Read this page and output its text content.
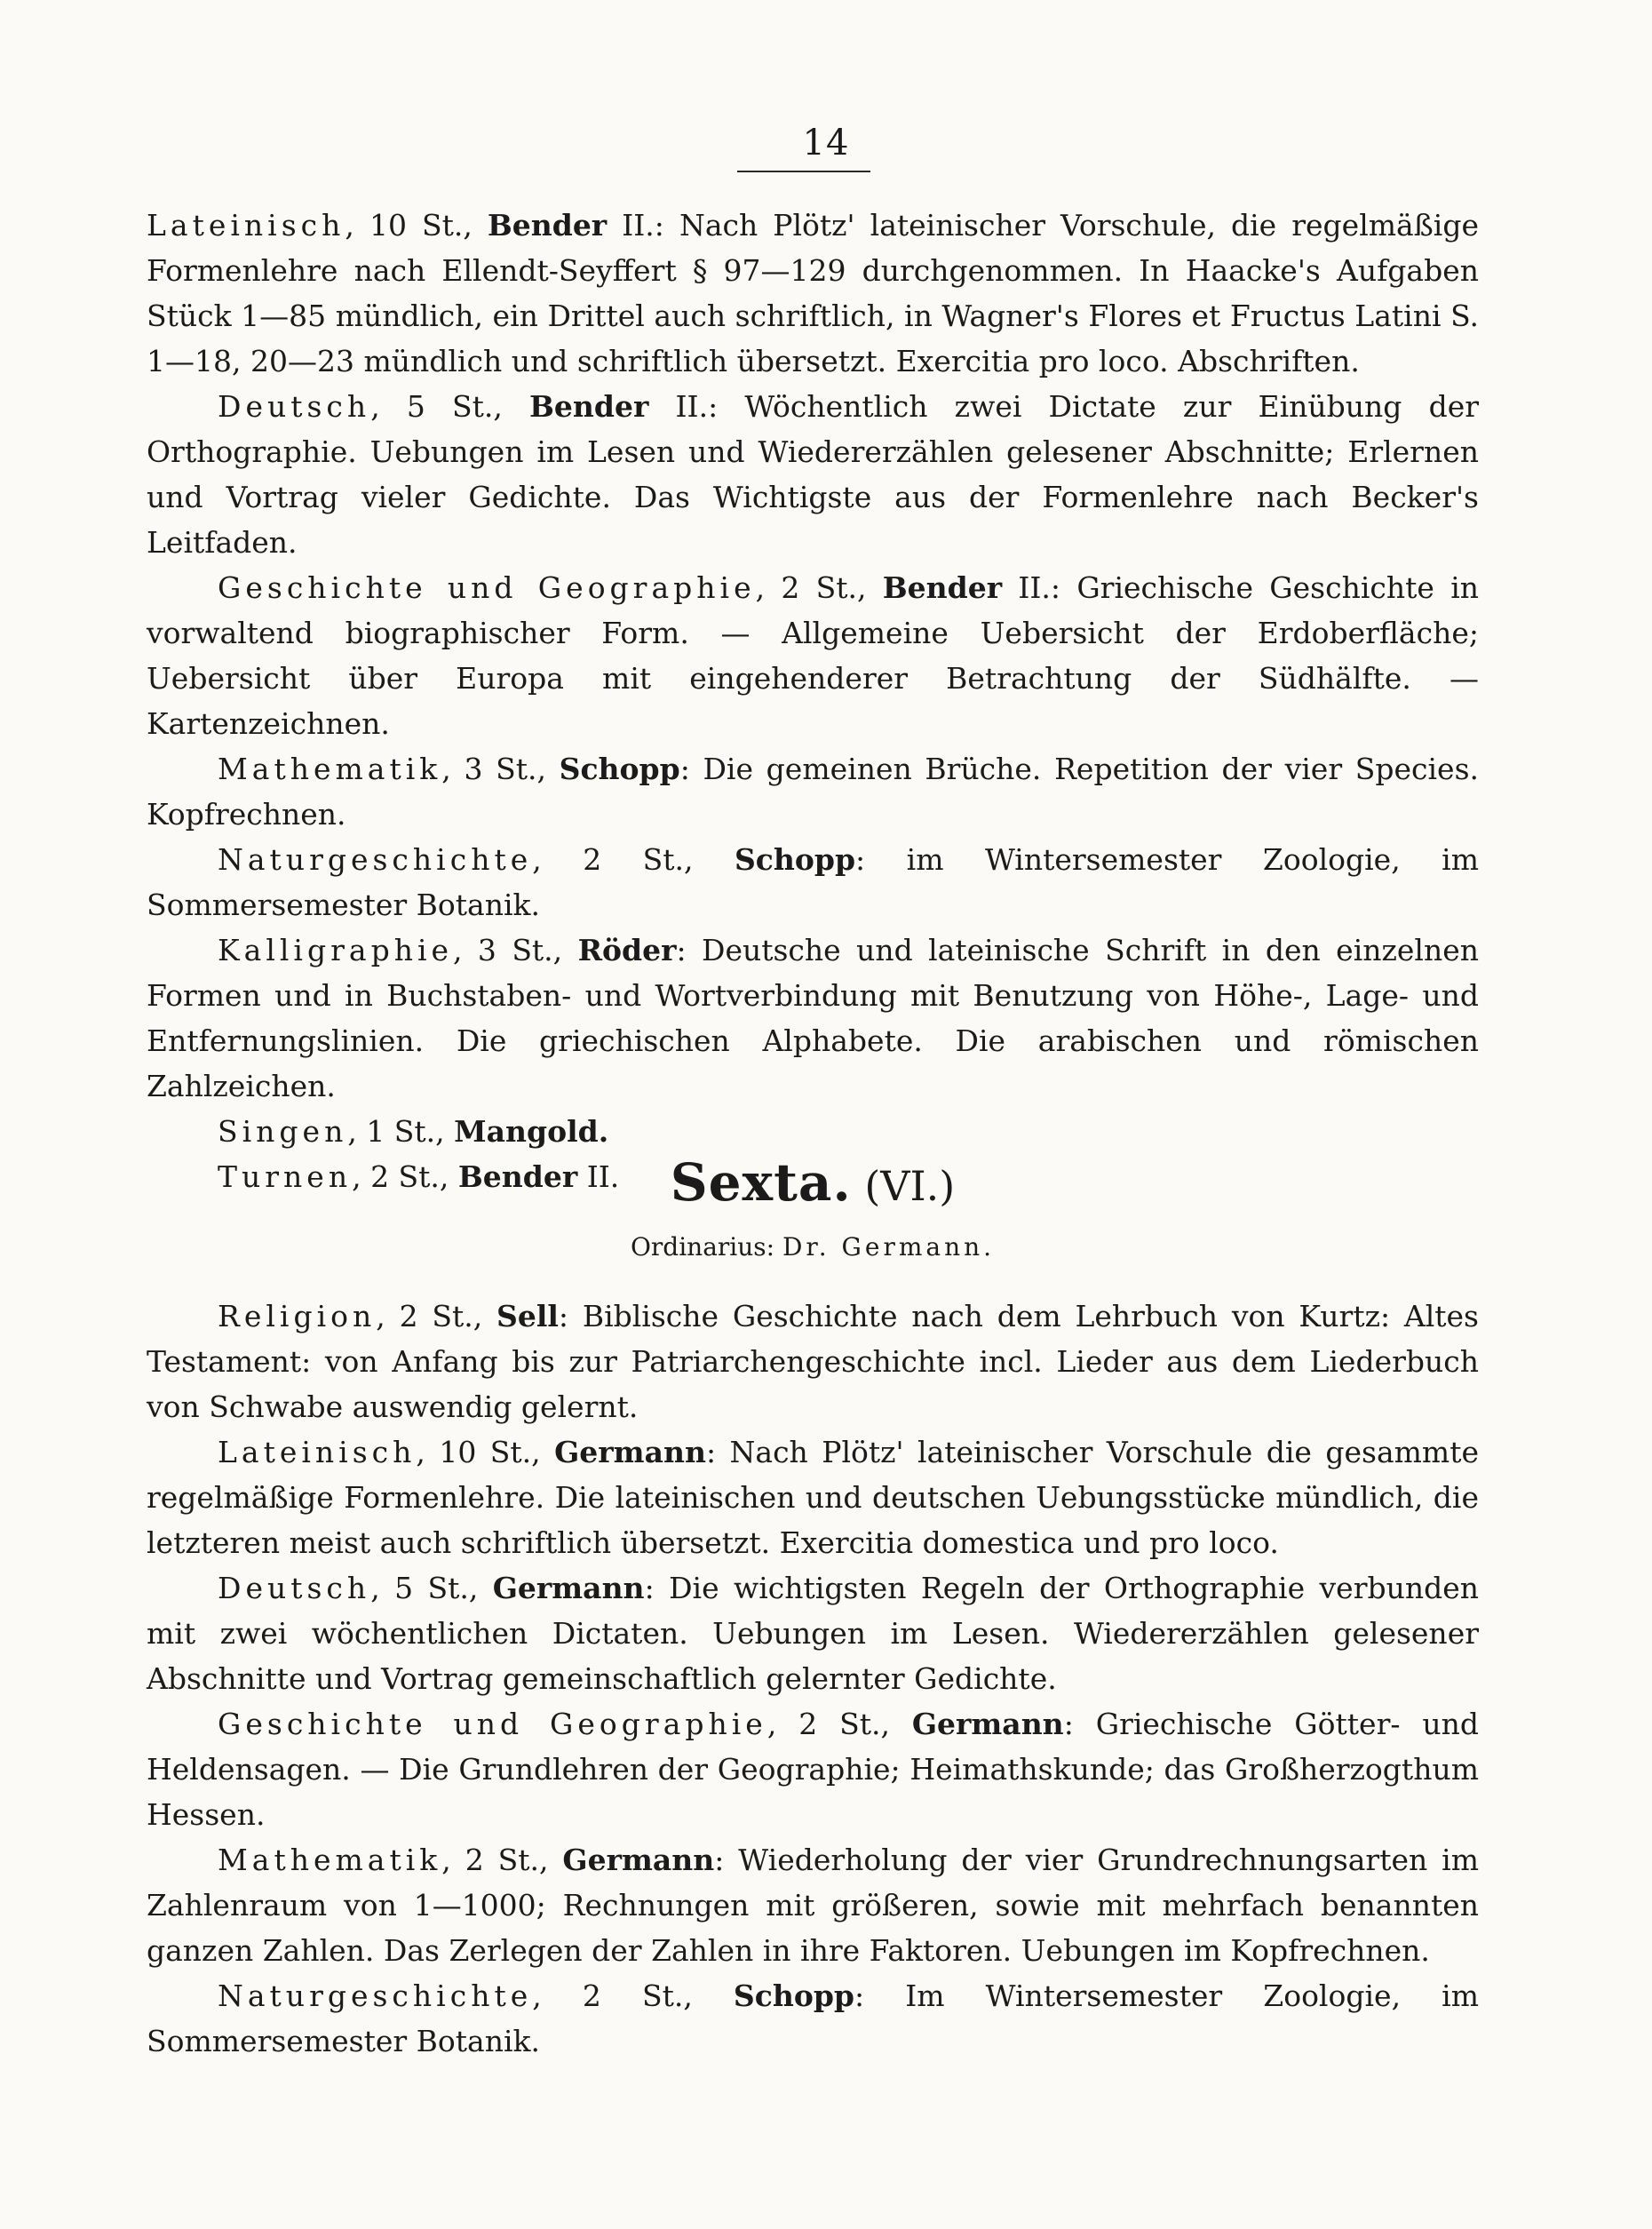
14

Lateinisch, 10 St., Bender II.: Nach Plötz' lateinischer Vorschule, die regelmäßige Formenlehre nach Ellendt-Seyffert § 97—129 durchgenommen. In Haacke's Aufgaben Stück 1—85 mündlich, ein Drittel auch schriftlich, in Wagner's Flores et Fructus Latini S. 1—18, 20—23 mündlich und schriftlich übersetzt. Exercitia pro loco. Abschriften.

Deutsch, 5 St., Bender II.: Wöchentlich zwei Dictate zur Einübung der Orthographie. Uebungen im Lesen und Wiedererzählen gelesener Abschnitte; Erlernen und Vortrag vieler Gedichte. Das Wichtigste aus der Formenlehre nach Becker's Leitfaden.

Geschichte und Geographie, 2 St., Bender II.: Griechische Geschichte in vorwaltend biographischer Form. — Allgemeine Uebersicht der Erdoberfläche; Uebersicht über Europa mit eingehenderer Betrachtung der Südhälfte. — Kartenzeichnen.

Mathematik, 3 St., Schopp: Die gemeinen Brüche. Repetition der vier Species. Kopfrechnen.

Naturgeschichte, 2 St., Schopp: im Wintersemester Zoologie, im Sommersemester Botanik.

Kalligraphie, 3 St., Röder: Deutsche und lateinische Schrift in den einzelnen Formen und in Buchstaben- und Wortverbindung mit Benutzung von Höhe-, Lage- und Entfernungslinien. Die griechischen Alphabete. Die arabischen und römischen Zahlzeichen.

Singen, 1 St., Mangold.

Turnen, 2 St., Bender II. Sexta. (VI.)
Ordinarius: Dr. Germann.

Religion, 2 St., Sell: Biblische Geschichte nach dem Lehrbuch von Kurtz: Altes Testament: von Anfang bis zur Patriarchengeschichte incl. Lieder aus dem Liederbuch von Schwabe auswendig gelernt.

Lateinisch, 10 St., Germann: Nach Plötz' lateinischer Vorschule die gesammte regelmäßige Formenlehre. Die lateinischen und deutschen Uebungsstücke mündlich, die letzteren meist auch schriftlich übersetzt. Exercitia domestica und pro loco.

Deutsch, 5 St., Germann: Die wichtigsten Regeln der Orthographie verbunden mit zwei wöchentlichen Dictaten. Uebungen im Lesen. Wiedererzählen gelesener Abschnitte und Vortrag gemeinschaftlich gelernter Gedichte.

Geschichte und Geographie, 2 St., Germann: Griechische Götter- und Heldensagen. — Die Grundlehren der Geographie; Heimathskunde; das Großherzogthum Hessen.

Mathematik, 2 St., Germann: Wiederholung der vier Grundrechnungsarten im Zahlenraum von 1—1000; Rechnungen mit größeren, sowie mit mehrfach benannten ganzen Zahlen. Das Zerlegen der Zahlen in ihre Faktoren. Uebungen im Kopfrechnen.

Naturgeschichte, 2 St., Schopp: Im Wintersemester Zoologie, im Sommersemester Botanik.
